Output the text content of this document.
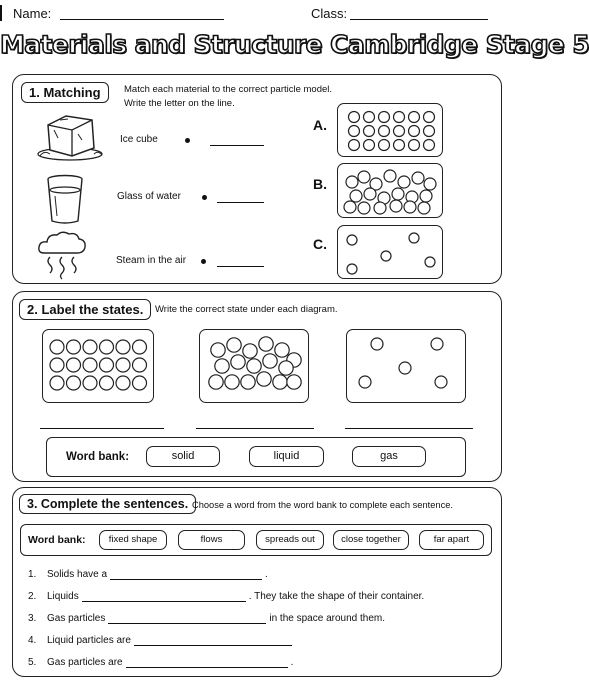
Name:	Class:
Materials and Structure Cambridge Stage 5
1. Matching	Match each material to the correct particle model.
Write the letter on the line.
Ice cube
Glass of water
Steam in the air
A.
B.
C.
2. Label the states.	Write the correct state under each diagram.
Word bank:	solid	liquid	gas
3. Complete the sentences. Choose a word from the word bank to complete each sentence.
Word bank:	fixed shape	flows	spreads out	close together	far apart
1. Solids have a	.
2. Liquids	. They take the shape of their container.
3. Gas particles	in the space around them.
4. Liquid particles are
5. Gas particles are	.
